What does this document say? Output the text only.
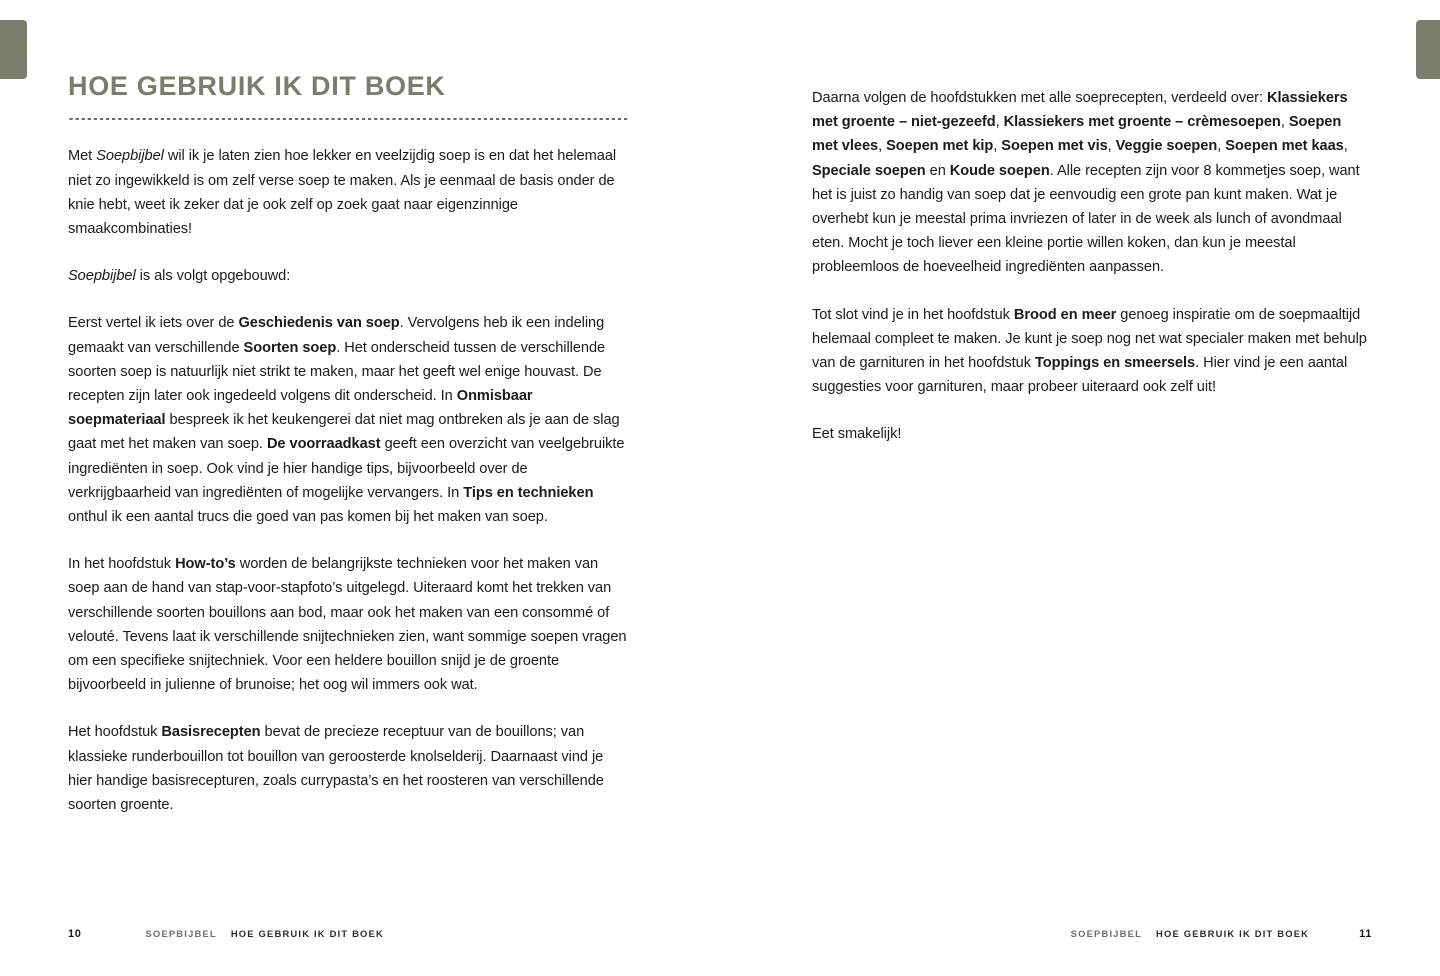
HOE GEBRUIK IK DIT BOEK

Met Soepbijbel wil ik je laten zien hoe lekker en veelzijdig soep is en dat het helemaal niet zo ingewikkeld is om zelf verse soep te maken. Als je eenmaal de basis onder de knie hebt, weet ik zeker dat je ook zelf op zoek gaat naar eigenzinnige smaakcombinaties!

Soepbijbel is als volgt opgebouwd:

Eerst vertel ik iets over de Geschiedenis van soep. Vervolgens heb ik een indeling gemaakt van verschillende Soorten soep. Het onderscheid tussen de verschillende soorten soep is natuurlijk niet strikt te maken, maar het geeft wel enige houvast. De recepten zijn later ook ingedeeld volgens dit onderscheid. In Onmisbaar soepmateriaal bespreek ik het keukengerei dat niet mag ontbreken als je aan de slag gaat met het maken van soep. De voorraadkast geeft een overzicht van veelgebruikte ingrediënten in soep. Ook vind je hier handige tips, bijvoorbeeld over de verkrijgbaarheid van ingrediënten of mogelijke vervangers. In Tips en technieken onthul ik een aantal trucs die goed van pas komen bij het maken van soep.

In het hoofdstuk How-to’s worden de belangrijkste technieken voor het maken van soep aan de hand van stap-voor-stapfoto’s uitgelegd. Uiteraard komt het trekken van verschillende soorten bouillons aan bod, maar ook het maken van een consommé of velouté. Tevens laat ik verschillende snijtechnieken zien, want sommige soepen vragen om een specifieke snijtechniek. Voor een heldere bouillon snijd je de groente bijvoorbeeld in julienne of brunoise; het oog wil immers ook wat.

Het hoofdstuk Basisrecepten bevat de precieze receptuur van de bouillons; van klassieke runderbouillon tot bouillon van geroosterde knolselderij. Daarnaast vind je hier handige basisrecepturen, zoals currypasta’s en het roosteren van verschillende soorten groente.

10	SOEPBIJBEL HOE GEBRUIK IK DIT BOEK

Daarna volgen de hoofdstukken met alle soeprecepten, verdeeld over: Klassiekers met groente – niet-gezeefd, Klassiekers met groente – crèmesoepen, Soepen met vlees, Soepen met kip, Soepen met vis, Veggie soepen, Soepen met kaas, Speciale soepen en Koude soepen. Alle recepten zijn voor 8 kommetjes soep, want het is juist zo handig van soep dat je eenvoudig een grote pan kunt maken. Wat je overhebt kun je meestal prima invriezen of later in de week als lunch of avondmaal eten. Mocht je toch liever een kleine portie willen koken, dan kun je meestal probleemloos de hoeveelheid ingrediënten aanpassen.

Tot slot vind je in het hoofdstuk Brood en meer genoeg inspiratie om de soepmaaltijd helemaal compleet te maken. Je kunt je soep nog net wat specialer maken met behulp van de garnituren in het hoofdstuk Toppings en smeersels. Hier vind je een aantal suggesties voor garnituren, maar probeer uiteraard ook zelf uit!

Eet smakelijk!

SOEPBIJBEL HOE GEBRUIK IK DIT BOEK	11
